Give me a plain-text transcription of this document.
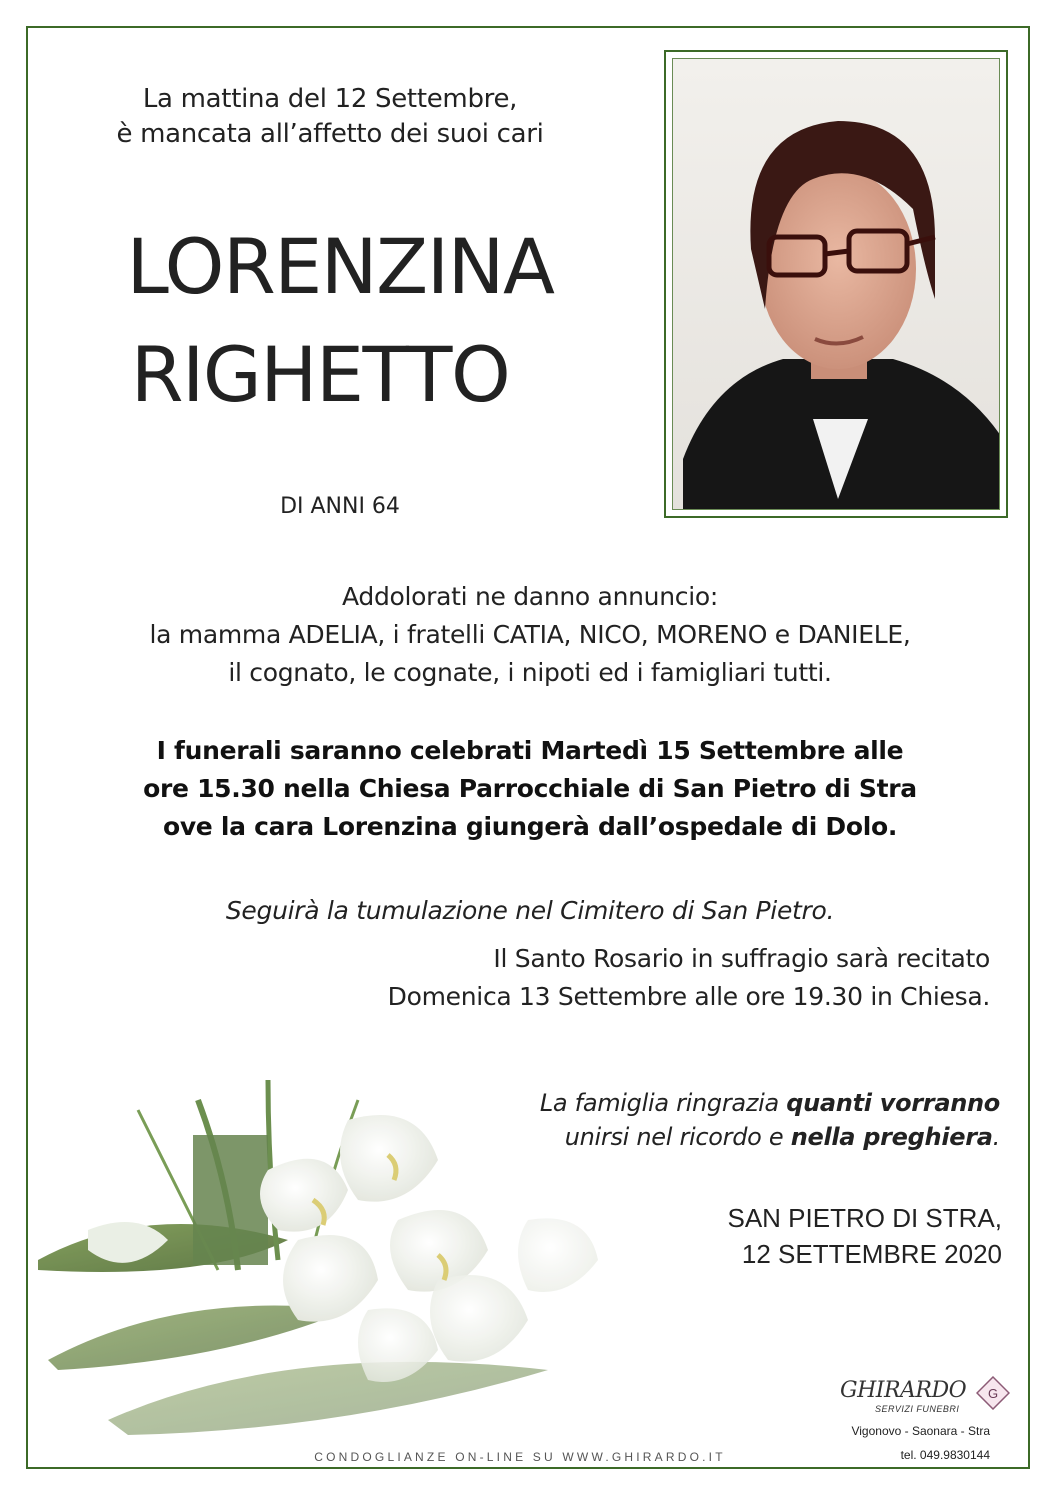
La mattina del 12 Settembre,
è mancata all’affetto dei suoi cari
LORENZINA
RIGHETTO
DI ANNI 64
Addolorati ne danno annuncio:
la mamma ADELIA, i fratelli CATIA, NICO, MORENO e DANIELE,
il cognato, le cognate, i nipoti ed i famigliari tutti.
I funerali saranno celebrati Martedì 15 Settembre alle
ore 15.30 nella Chiesa Parrocchiale di San Pietro di Stra
ove la cara Lorenzina giungerà dall’ospedale di Dolo.
Seguirà la tumulazione nel Cimitero di San Pietro.
Il Santo Rosario in suffragio sarà recitato
Domenica 13 Settembre alle ore 19.30 in Chiesa.
La famiglia ringrazia quanti vorranno
unirsi nel ricordo e nella preghiera.
SAN PIETRO DI STRA,
12 SETTEMBRE 2020
GHIRARDO
SERVIZI FUNEBRI
G
Vigonovo - Saonara - Stra
tel. 049.9830144
CONDOGLIANZE ON-LINE SU WWW.GHIRARDO.IT
